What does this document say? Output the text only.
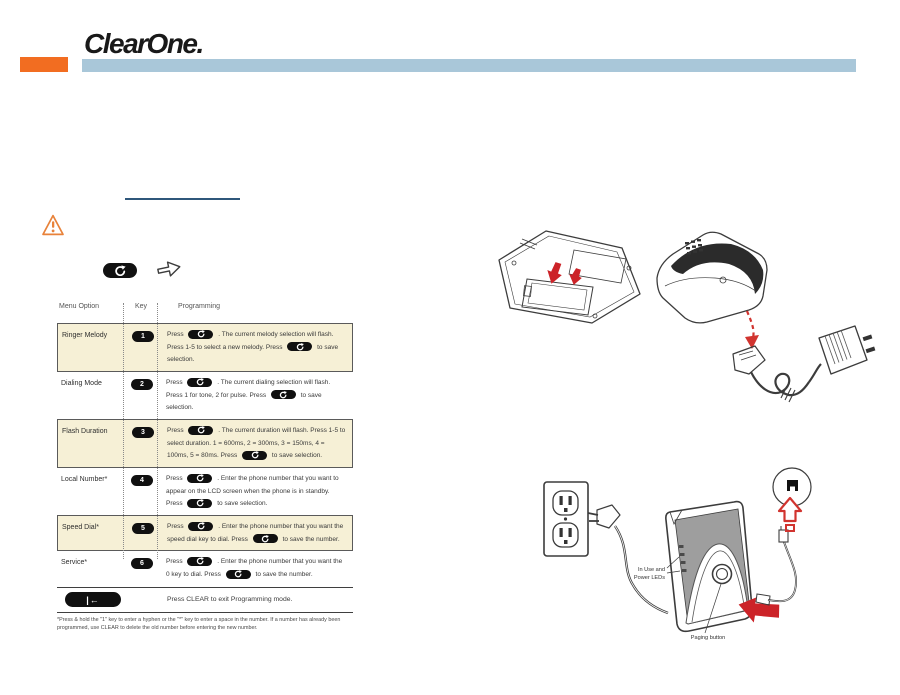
ClearOne.
Menu Option	Key	Programming
Ringer Melody	1	Press	. The current melody selection will flash. Press 1-5 to select a new melody. Press	to save selection.
Dialing Mode	2	Press	. The current dialing selection will flash. Press 1 for tone, 2 for pulse. Press	to save selection.
Flash Duration	3	Press	. The current duration will flash. Press 1-5 to select duration. 1 = 600ms, 2 = 300ms, 3 = 150ms, 4 = 100ms, 5 = 80ms. Press	to save selection.
Local Number*	4	Press	. Enter the phone number that you want to appear on the LCD screen when the phone is in standby. Press	to save selection.
Speed Dial*	5	Press	. Enter the phone number that you want the speed dial key to dial. Press	to save the number.
Service*	6	Press	. Enter the phone number that you want the 0 key to dial. Press	to save the number.
|←	Press CLEAR to exit Programming mode.
*Press & hold the "1" key to enter a hyphen or the "*" key to enter a space in the number. If a number has already been programmed, use CLEAR to delete the old number before entering the new number.
In Use and
Power LEDs
Paging button
